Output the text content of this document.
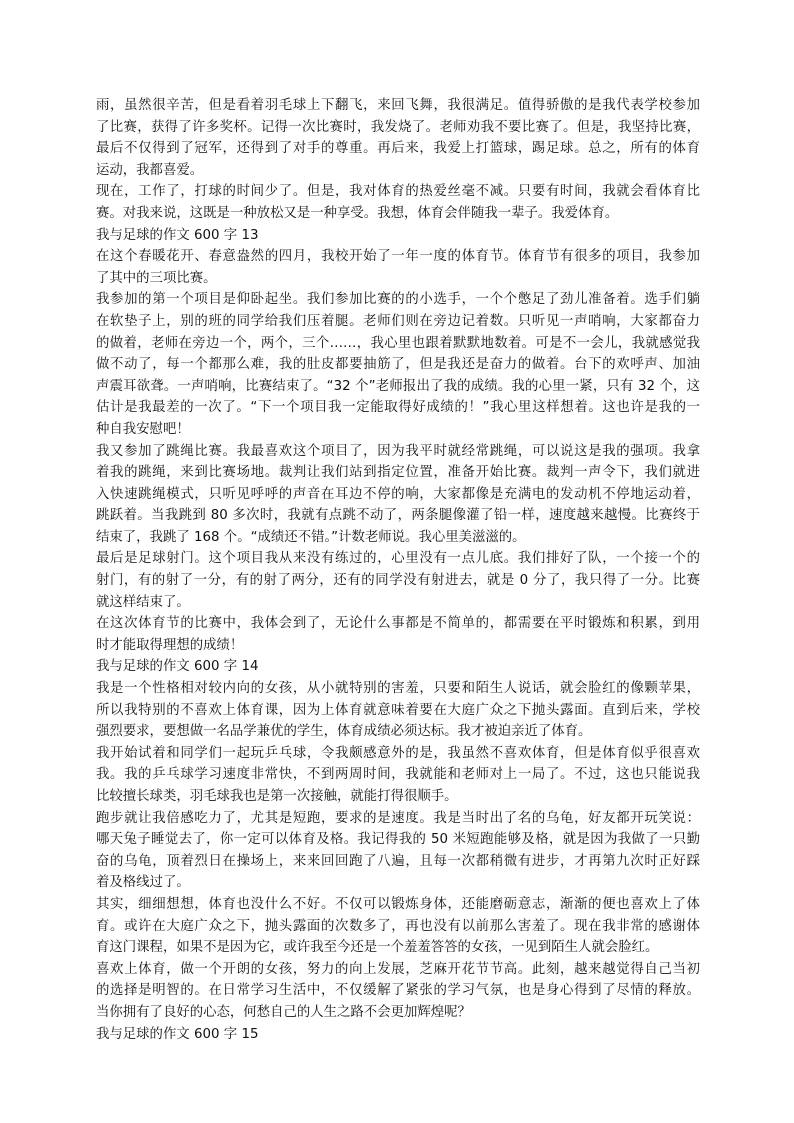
雨，虽然很辛苦，但是看着羽毛球上下翻飞，来回飞舞，我很满足。值得骄傲的是我代表学校参加
了比赛，获得了许多奖杯。记得一次比赛时，我发烧了。老师劝我不要比赛了。但是，我坚持比赛，
最后不仅得到了冠军，还得到了对手的尊重。再后来，我爱上打篮球，踢足球。总之，所有的体育
运动，我都喜爱。
现在，工作了，打球的时间少了。但是，我对体育的热爱丝毫不减。只要有时间，我就会看体育比
赛。对我来说，这既是一种放松又是一种享受。我想，体育会伴随我一辈子。我爱体育。
我与足球的作文 600 字 13
在这个春暖花开、春意盎然的四月，我校开始了一年一度的体育节。体育节有很多的项目，我参加
了其中的三项比赛。
我参加的第一个项目是仰卧起坐。我们参加比赛的的小选手，一个个憋足了劲儿准备着。选手们躺
在软垫子上，别的班的同学给我们压着腿。老师们则在旁边记着数。只听见一声哨响，大家都奋力
的做着，老师在旁边一个，两个，三个……，我心里也跟着默默地数着。可是不一会儿，我就感觉我
做不动了，每一个都那么难，我的肚皮都要抽筋了，但是我还是奋力的做着。台下的欢呼声、加油
声震耳欲聋。一声哨响，比赛结束了。“32 个”老师报出了我的成绩。我的心里一紧，只有 32 个，这
估计是我最差的一次了。“下一个项目我一定能取得好成绩的！”我心里这样想着。这也许是我的一
种自我安慰吧！
我又参加了跳绳比赛。我最喜欢这个项目了，因为我平时就经常跳绳，可以说这是我的强项。我拿
着我的跳绳，来到比赛场地。裁判让我们站到指定位置，准备开始比赛。裁判一声令下，我们就进
入快速跳绳模式，只听见呼呼的声音在耳边不停的响，大家都像是充满电的发动机不停地运动着，
跳跃着。当我跳到 80 多次时，我就有点跳不动了，两条腿像灌了铅一样，速度越来越慢。比赛终于
结束了，我跳了 168 个。“成绩还不错。”计数老师说。我心里美滋滋的。
最后是足球射门。这个项目我从来没有练过的，心里没有一点儿底。我们排好了队，一个接一个的
射门，有的射了一分，有的射了两分，还有的同学没有射进去，就是 0 分了，我只得了一分。比赛
就这样结束了。
在这次体育节的比赛中，我体会到了，无论什么事都是不简单的，都需要在平时锻炼和积累，到用
时才能取得理想的成绩！
我与足球的作文 600 字 14
我是一个性格相对较内向的女孩，从小就特别的害羞，只要和陌生人说话，就会脸红的像颗苹果，
所以我特别的不喜欢上体育课，因为上体育就意味着要在大庭广众之下抛头露面。直到后来，学校
强烈要求，要想做一名品学兼优的学生，体育成绩必须达标。我才被迫亲近了体育。
我开始试着和同学们一起玩乒乓球，令我颇感意外的是，我虽然不喜欢体育，但是体育似乎很喜欢
我。我的乒乓球学习速度非常快，不到两周时间，我就能和老师对上一局了。不过，这也只能说我
比较擅长球类，羽毛球我也是第一次接触，就能打得很顺手。
跑步就让我倍感吃力了，尤其是短跑，要求的是速度。我是当时出了名的乌龟，好友都开玩笑说：
哪天兔子睡觉去了，你一定可以体育及格。我记得我的 50 米短跑能够及格，就是因为我做了一只勤
奋的乌龟，顶着烈日在操场上，来来回回跑了八遍，且每一次都稍微有进步，才再第九次时正好踩
着及格线过了。
其实，细细想想，体育也没什么不好。不仅可以锻炼身体，还能磨砺意志，渐渐的便也喜欢上了体
育。或许在大庭广众之下，抛头露面的次数多了，再也没有以前那么害羞了。现在我非常的感谢体
育这门课程，如果不是因为它，或许我至今还是一个羞羞答答的女孩，一见到陌生人就会脸红。
喜欢上体育，做一个开朗的女孩，努力的向上发展，芝麻开花节节高。此刻，越来越觉得自己当初
的选择是明智的。在日常学习生活中，不仅缓解了紧张的学习气氛，也是身心得到了尽情的释放。
当你拥有了良好的心态，何愁自己的人生之路不会更加辉煌呢？
我与足球的作文 600 字 15
